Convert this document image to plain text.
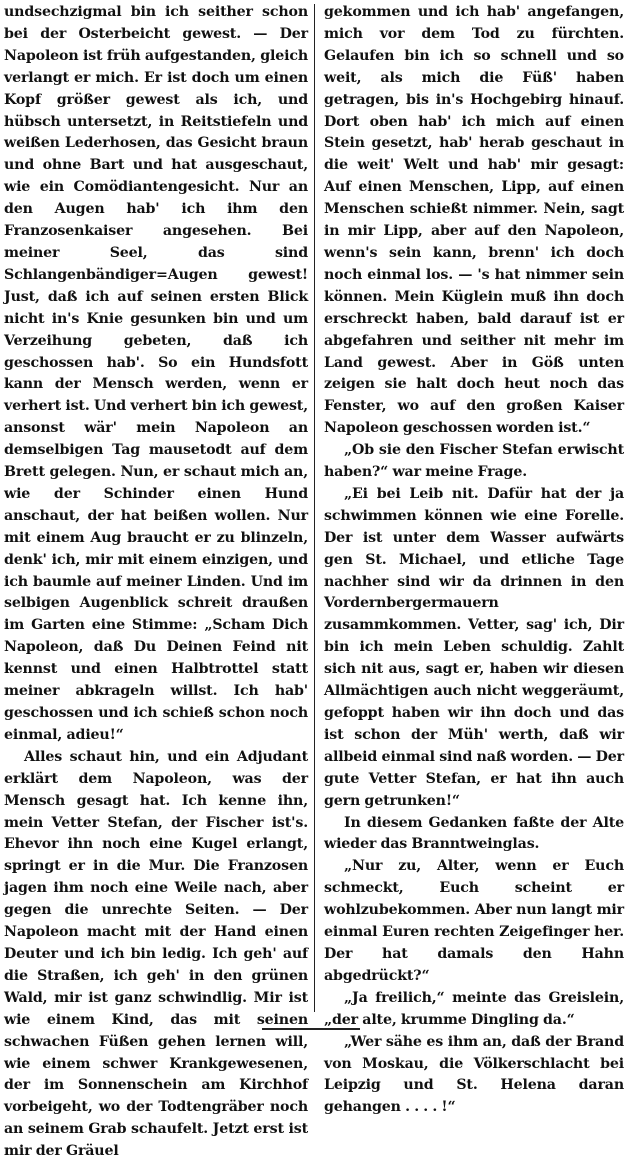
undsechzigmal bin ich seither schon bei der Osterbeicht gewest. — Der Napoleon ist früh aufgestanden, gleich verlangt er mich. Er ist doch um einen Kopf größer gewest als ich, und hübsch untersetzt, in Reitstiefeln und weißen Lederhosen, das Gesicht braun und ohne Bart und hat ausgeschaut, wie ein Comödiantengesicht. Nur an den Augen hab' ich ihm den Franzosenkaiser angesehen. Bei meiner Seel, das sind Schlangenbändiger=Augen gewest! Just, daß ich auf seinen ersten Blick nicht in's Knie gesunken bin und um Verzeihung gebeten, daß ich geschossen hab'. So ein Hundsfott kann der Mensch werden, wenn er verhert ist. Und verhert bin ich gewest, ansonst wär' mein Napoleon an demselbigen Tag mausetodt auf dem Brett gelegen. Nun, er schaut mich an, wie der Schinder einen Hund anschaut, der hat beißen wollen. Nur mit einem Aug braucht er zu blinzeln, denk' ich, mir mit einem einzigen, und ich baumle auf meiner Linden. Und im selbigen Augenblick schreit draußen im Garten eine Stimme: „Scham Dich Napoleon, daß Du Deinen Feind nit kennst und einen Halbtrottel statt meiner abkrageln willst. Ich hab' geschossen und ich schieß schon noch einmal, adieu!“

Alles schaut hin, und ein Adjudant erklärt dem Napoleon, was der Mensch gesagt hat. Ich kenne ihn, mein Vetter Stefan, der Fischer ist's. Ehevor ihn noch eine Kugel erlangt, springt er in die Mur. Die Franzosen jagen ihm noch eine Weile nach, aber gegen die unrechte Seiten. — Der Napoleon macht mit der Hand einen Deuter und ich bin ledig. Ich geh' auf die Straßen, ich geh' in den grünen Wald, mir ist ganz schwindlig. Mir ist wie einem Kind, das mit seinen schwachen Füßen gehen lernen will, wie einem schwer Krankgewesenen, der im Sonnenschein am Kirchhof vorbeigeht, wo der Todtengräber noch an seinem Grab schaufelt. Jetzt erst ist mir der Gräuel

gekommen und ich hab' angefangen, mich vor dem Tod zu fürchten. Gelaufen bin ich so schnell und so weit, als mich die Füß' haben getragen, bis in's Hochgebirg hinauf. Dort oben hab' ich mich auf einen Stein gesetzt, hab' herab geschaut in die weit' Welt und hab' mir gesagt: Auf einen Menschen, Lipp, auf einen Menschen schießt nimmer. Nein, sagt in mir Lipp, aber auf den Napoleon, wenn's sein kann, brenn' ich doch noch einmal los. — 's hat nimmer sein können. Mein Küglein muß ihn doch erschreckt haben, bald darauf ist er abgefahren und seither nit mehr im Land gewest. Aber in Göß unten zeigen sie halt doch heut noch das Fenster, wo auf den großen Kaiser Napoleon geschossen worden ist.“

„Ob sie den Fischer Stefan erwischt haben?“ war meine Frage.

„Ei bei Leib nit. Dafür hat der ja schwimmen können wie eine Forelle. Der ist unter dem Wasser aufwärts gen St. Michael, und etliche Tage nachher sind wir da drinnen in den Vordernbergermauern zusammkommen. Vetter, sag' ich, Dir bin ich mein Leben schuldig. Zahlt sich nit aus, sagt er, haben wir diesen Allmächtigen auch nicht weggeräumt, gefoppt haben wir ihn doch und das ist schon der Müh' werth, daß wir allbeid einmal sind naß worden. — Der gute Vetter Stefan, er hat ihn auch gern getrunken!“

In diesem Gedanken faßte der Alte wieder das Branntweinglas.

„Nur zu, Alter, wenn er Euch schmeckt, Euch scheint er wohlzubekommen. Aber nun langt mir einmal Euren rechten Zeigefinger her. Der hat damals den Hahn abgedrückt?“

„Ja freilich,“ meinte das Greislein, „der alte, krumme Dingling da.“

„Wer sähe es ihm an, daß der Brand von Moskau, die Völkerschlacht bei Leipzig und St. Helena daran gehangen . . . . !“
